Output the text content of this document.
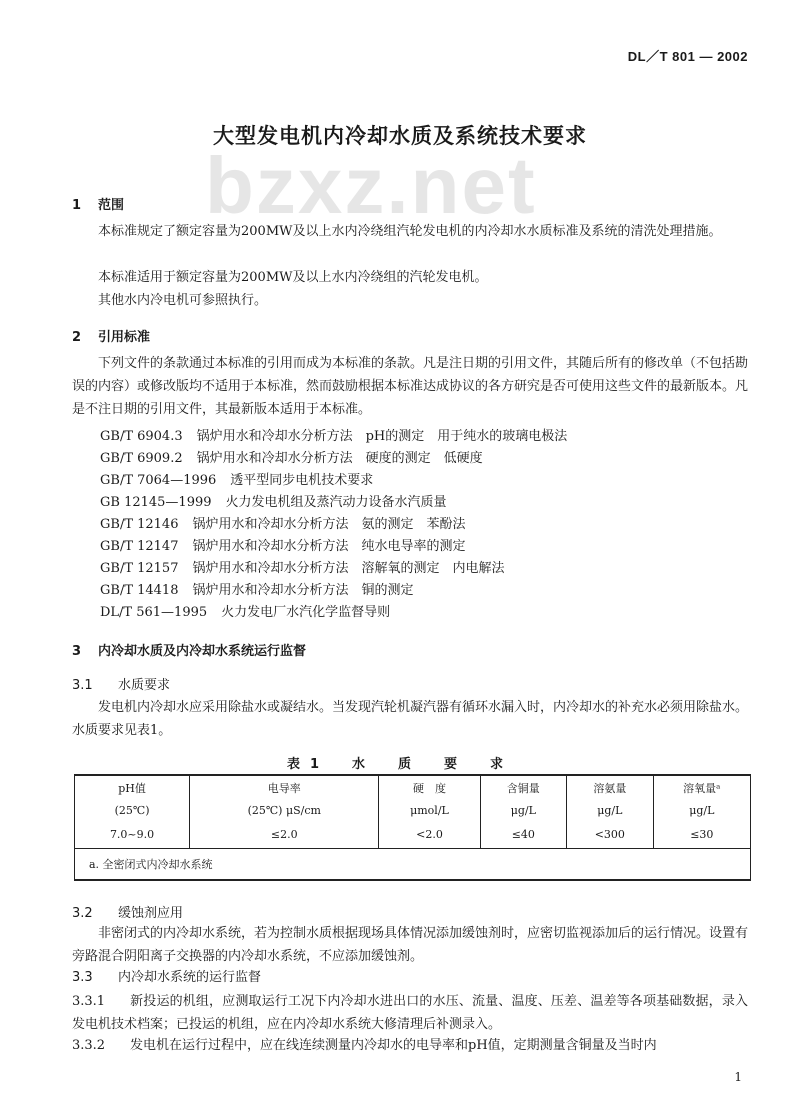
DL／T 801 — 2002
bzxz.net
大型发电机内冷却水质及系统技术要求
1 范围
本标准规定了额定容量为200MW及以上水内冷绕组汽轮发电机的内冷却水水质标准及系统的清洗处理措施。
本标准适用于额定容量为200MW及以上水内冷绕组的汽轮发电机。
其他水内冷电机可参照执行。
2 引用标准
下列文件的条款通过本标准的引用而成为本标准的条款。凡是注日期的引用文件，其随后所有的修改单（不包括勘误的内容）或修改版均不适用于本标准，然而鼓励根据本标准达成协议的各方研究是否可使用这些文件的最新版本。凡是不注日期的引用文件，其最新版本适用于本标准。
GB/T 6904.3 锅炉用水和冷却水分析方法　pH的测定　用于纯水的玻璃电极法
GB/T 6909.2 锅炉用水和冷却水分析方法　硬度的测定　低硬度
GB/T 7064—1996 透平型同步电机技术要求
GB 12145—1999 火力发电机组及蒸汽动力设备水汽质量
GB/T 12146 锅炉用水和冷却水分析方法　氨的测定　苯酚法
GB/T 12147 锅炉用水和冷却水分析方法　纯水电导率的测定
GB/T 12157 锅炉用水和冷却水分析方法　溶解氧的测定　内电解法
GB/T 14418 锅炉用水和冷却水分析方法　铜的测定
DL/T 561—1995 火力发电厂水汽化学监督导则
3 内冷却水质及内冷却水系统运行监督
3.1 水质要求
发电机内冷却水应采用除盐水或凝结水。当发现汽轮机凝汽器有循环水漏入时，内冷却水的补充水必须用除盐水。水质要求见表1。
表1　水　质　要　求
pH值	电导率	硬　度	含铜量	溶氨量	溶氧量ᵃ
(25℃)	(25℃) μS/cm	μmol/L	μg/L	μg/L	μg/L
7.0~9.0	≤2.0	<2.0	≤40	<300	≤30
a. 全密闭式内冷却水系统					
3.2 缓蚀剂应用
非密闭式的内冷却水系统，若为控制水质根据现场具体情况添加缓蚀剂时，应密切监视添加后的运行情况。设置有旁路混合阴阳离子交换器的内冷却水系统，不应添加缓蚀剂。
3.3 内冷却水系统的运行监督
3.3.1 新投运的机组，应测取运行工况下内冷却水进出口的水压、流量、温度、压差、温差等各项基础数据，录入发电机技术档案；已投运的机组，应在内冷却水系统大修清理后补测录入。
3.3.2 发电机在运行过程中，应在线连续测量内冷却水的电导率和pH值，定期测量含铜量及当时内
1
